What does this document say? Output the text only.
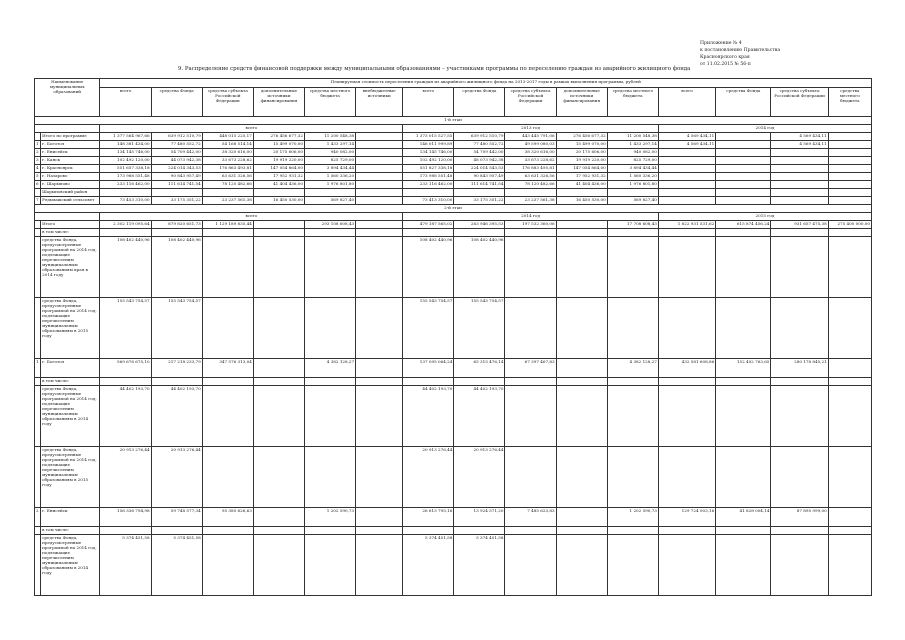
Приложение № 4
к постановлению Правительства
Красноярского края
от 11.02.2015 № 56-п
9. Распределение средств финансовой поддержки между муниципальными образованиями – участниками программы по переселению граждан из аварийного жилищного фонда
Наименование муниципальных образований		Планируемая стоимость переселения граждан из аварийного жилищного фонда на 2013-2017 годы в рамках выполнения программы, рублей														
		всего	средства Фонда	средства субъекта Российской Федерации	дополнительные источники финансирования	средства местного бюджета	внебюджетные источники	всего	средства Фонда	средства субъекта Российской Федерации	дополнительные источники финансирования	средства местного бюджета	всего	средства Фонда	средства субъекта Российской Федерации	средства местного бюджета
1-й этап																
		всего						2013 год					2014 год			
	Итого по программе	1 377 564 967,66	639 912 510,79	448 015 225,17	276 456 677,32	11 200 548,38		1 373 015 527,55	639 912 510,79	443 445 791,06	276 456 677,32	11 200 548,38	4 569 434,11		4 569 434,11	
1	г. Боготол	148 381 434,00	77 480 552,72	54 168 514,14	15 499 070,00	1 433 297,14		146 011 999,89	77 480 552,72	49 599 080,03	15 499 070,00	1 433 297,14	4 569 434,11		4 569 434,11	
2	г. Енисейск	134 145 746,00	54 709 442,00	38 320 616,00	20 175 606,00	940 082,00		134 145 746,00	54 709 442,00	38 320 616,00	20 175 606,00	940 082,00				
3	г. Канск	102 492 120,00	44 073 942,38	33 673 228,62	19 919 220,00	825 729,00		102 492 120,00	48 073 942,38	33 673 228,62	19 919 220,00	825 729,00				
4	г. Красноярск	551 657 338,18	224 014 343,53	176 863 493,81	147 054 864,00	3 894 434,44		551 827 338,18	224 014 543,53	176 883 495,81	147 054 864,00	3 894 434,44				
5	г. Назарово	173 988 551,48	90 843 957,49	63 631 326,56	17 952 931,32	1 560 336,20		173 988 551,48	90 843 957,49	63 631 326,56	17 952 931,32	1 560 336,20				
6	г. Шарыпово	233 116 462,00	111 614 741,54	78 120 482,66	41 404 436,00	1 976 801,80		233 116 462,00	111 614 741,54	78 120 482,66	41 404 436,00	1 976 801,80				
	Шарыповский район															
7	Редьмашский сельсовет	73 453 310,00	33 175 351,22	23 237 561,38	16 450 530,00	569 827,40		73 413 310,00	33 175 351,22	23 237 561,38	16 450 530,00	569 827,40				
2-й этап																
		всего						2014 год					2015 год			
	Итого	2 302 119 095,64	879 820 651,73	1 129 189 835,44		293 108 608,43		479 187 565,02	263 946 395,53	197 532 360,06		17 708 608,43	1 822 931 531,62	615 874 456,24	931 657 475,38	275 400 000,00
	в том числе:															
	средства Фонда, предусмотренные программой на 2014 год, подлежащие перечислению муниципальным образованиям края в 2014 году	108 402 440,96	108 402 440,96					108 402 440,96	108 402 440,96							
	средства Фонда, предусмотренные программой на 2014 год, подлежащие перечислению муниципальным образованиям в 2015 году	155 543 754,57	155 543 754,57					155 543 754,57	155 543 754,57							
1	г. Боготол	569 676 675,10	217 218 233,79	347 576 313,04		4 382 128,27		137 095 064,24	65 315 476,14	67 397 467,83		4 382 128,27	432 581 608,86	152 402 763,65	280 178 845,21	
	в том числе:															
	средства Фонда, предусмотренные программой на 2014 год, подлежащие перечислению муниципальным образованиям в 2014 году	44 402 193,70	44 402 193,70					44 402 193,70	44 402 193,70							
	средства Фонда, предусмотренные программой на 2014 год, подлежащие перечислению муниципальным образованиям в 2015 году	20 913 276,44	20 913 276,44					20 913 276,44	20 913 276,44							
2	г. Енисейск	156 336 794,98	59 748 577,34	95 385 626,63		1 202 590,73		26 613 795,16	13 924 571,20	7 485 623,83		1 202 590,73	129 724 003,16	41 828 004,14	87 895 999,00	
	в том числе:															
	средства Фонда, предусмотренные программой на 2014 год, подлежащие перечислению муниципальным образованиям в 2014 году	5 374 451,58	5 374 451,58					5 374 451,58	5 374 451,58							
